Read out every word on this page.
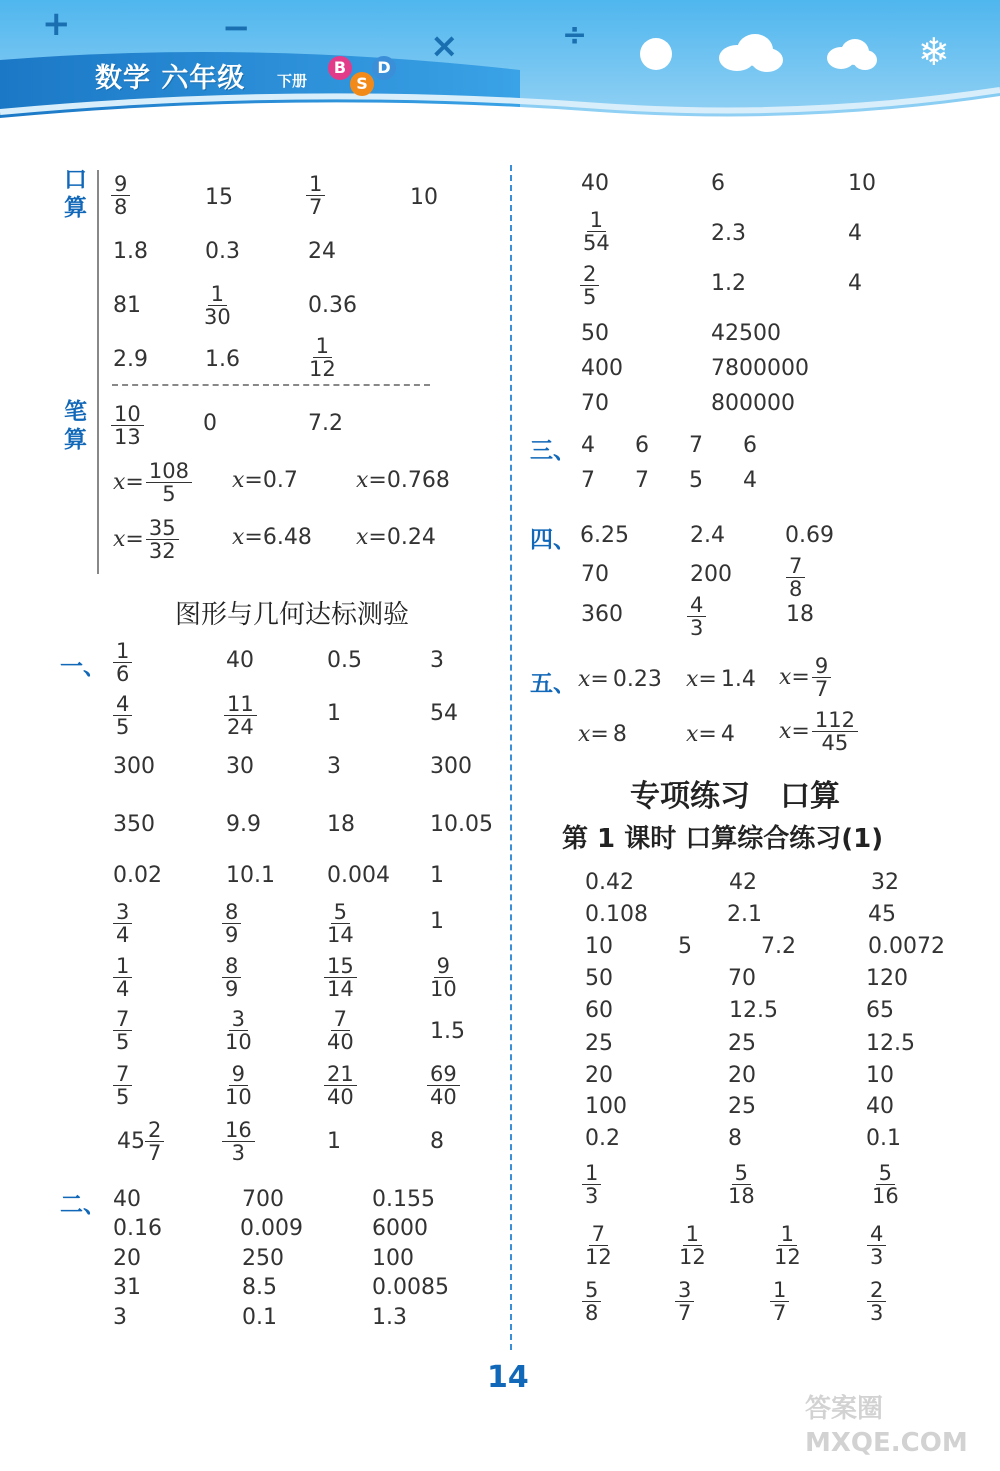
+	−	×	÷	❄
数学 六年级 下册
B
S
D
口
算
笔
算
$\frac{9}{8}$	15	$\frac{1}{7}$	10
1.8	0.3	24
81	$\frac{1}{30}$	0.36
2.9	1.6	$\frac{1}{12}$
$\frac{10}{13}$	0	7.2
$x= \frac{108}{5} x= 0.7$	x= 0.768
$x= \frac{35}{32} x= 6.48$ x= 0.24
图形与几何达标测验
一、 $\frac{1}{6}$	40	0.5	3
$\frac{4}{5}$	$\frac{11}{24}$	1	54
300	30	3	300
350	9.9	18	10.05
0.02	10.1 0.004 1
$\frac{3}{4}$	$\frac{8}{9}$	$\frac{5}{14}$	1
$\frac{1}{4}$	$\frac{8}{9}$	$\frac{15}{14}$	$\frac{9}{10}$
$\frac{7}{5}$	$\frac{3}{10}$	$\frac{7}{40}$	1.5
$\frac{7}{5}$	$\frac{9}{10}$	$\frac{21}{40}$	$\frac{69}{40}$
$45 \frac{2}{7}$	$\frac{16}{3}$	1	8
二、 40	700	0.155
0.16	0.009	6000
20	250	100
31	8.5	0.0085
3	0.1	1.3
40	6	10
$\frac{1}{54}$	2.3	4
$\frac{2}{5}$	1.2	4
50	42500
400	7800000
70	800000
三、 4 6 7 6
7 7 5 4
四、 6.25	2.4	0.69
70	200	$\frac{7}{8}$
360	$\frac{4}{3}$	18
五、 x= 0.23 x= 1.4 $x= \frac{9}{7}$
x= 8	x= 4 $x= \frac{112}{45}$
专项练习　口算
第 1 课时 口算综合练习(1)
0.42	42	32
0.108	2.1	45
10	5	7.2	0.0072
50	70	120
60	12.5	65
25	25	12.5
20	20	10
100	25	40
0.2	8	0.1
$\frac{1}{3}$	$\frac{5}{18}$	$\frac{5}{16}$
$\frac{7}{12}$	$\frac{1}{12}$	$\frac{1}{12}$	$\frac{4}{3}$
$\frac{5}{8}$	$\frac{3}{7}$	$\frac{1}{7}$	$\frac{2}{3}$
14
答案圈 MXQE.COM
